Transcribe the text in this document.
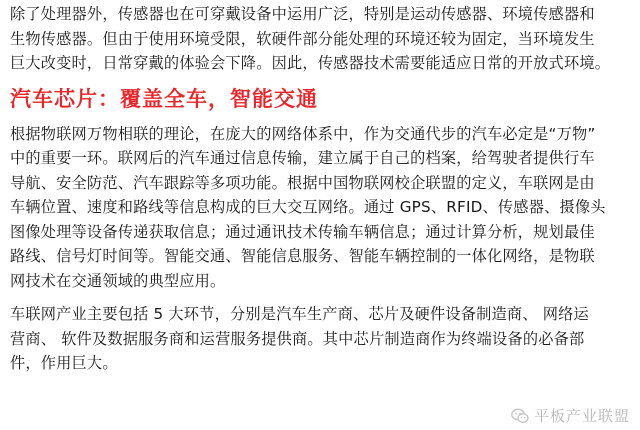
除了处理器外，传感器也在可穿戴设备中运用广泛，特别是运动传感器、环境传感器和
生物传感器。但由于使用环境受限，软硬件部分能处理的环境还较为固定，当环境发生
巨大改变时，日常穿戴的体验会下降。因此，传感器技术需要能适应日常的开放式环境。

汽车芯片：覆盖全车，智能交通

根据物联网万物相联的理论，在庞大的网络体系中，作为交通代步的汽车必定是“万物”
中的重要一环。联网后的汽车通过信息传输，建立属于自己的档案，给驾驶者提供行车
导航、安全防范、汽车跟踪等多项功能。根据中国物联网校企联盟的定义，车联网是由
车辆位置、速度和路线等信息构成的巨大交互网络。通过 GPS、RFID、传感器、摄像头
图像处理等设备传递获取信息；通过通讯技术传输车辆信息；通过计算分析，规划最佳
路线、信号灯时间等。智能交通、智能信息服务、智能车辆控制的一体化网络，是物联
网技术在交通领域的典型应用。

车联网产业主要包括 5 大环节，分别是汽车生产商、芯片及硬件设备制造商、 网络运
营商、 软件及数据服务商和运营服务提供商。其中芯片制造商作为终端设备的必备部
件，作用巨大。

平板产业联盟
